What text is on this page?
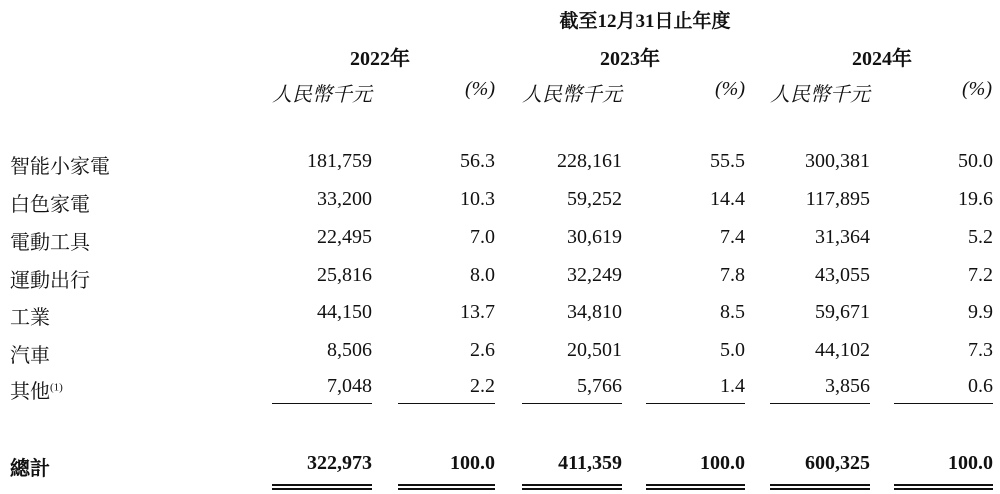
截至12月31日止年度
2022年	2023年	2024年
人民幣千元	(%) 人民幣千元	(%) 人民幣千元	(%)
智能小家電	181,759	56.3	228,161	55.5	300,381	50.0
白色家電	33,200	10.3	59,252	14.4	117,895	19.6
電動工具	22,495	7.0	30,619	7.4	31,364	5.2
運動出行	25,816	8.0	32,249	7.8	43,055	7.2
工業	44,150	13.7	34,810	8.5	59,671	9.9
汽車	8,506	2.6	20,501	5.0	44,102	7.3
其他$^{(1)}$	7,048	2.2	5,766	1.4	3,856	0.6
總計	322,973	100.0	411,359	100.0	600,325	100.0
